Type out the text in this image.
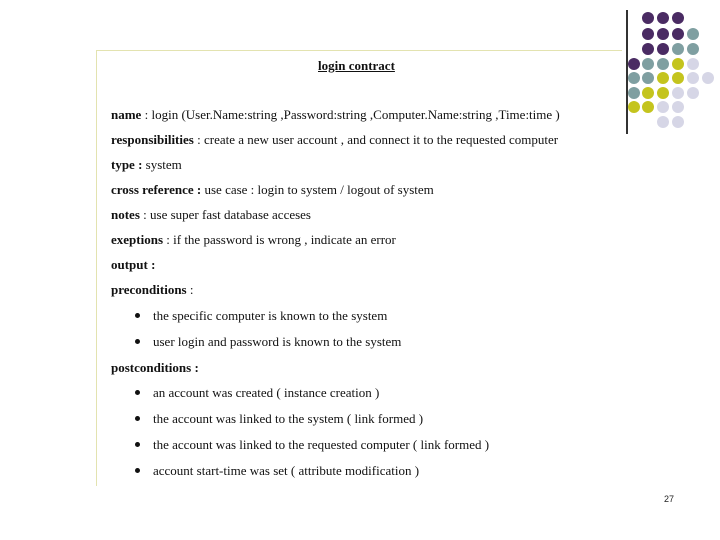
login contract
name : login (User.Name:string ,Password:string ,Computer.Name:string ,Time:time )
responsibilities : create a new user account , and connect it to the requested computer
type : system
cross reference : use case : login to system / logout of system
notes : use super fast database acceses
exeptions : if the password is wrong , indicate an error
output :
preconditions :
the specific computer is known to the system
user login and password is known to the system
postconditions :
an account was created ( instance creation )
the account was linked to the system ( link formed )
the account was linked to the requested computer ( link formed )
account start-time was set ( attribute modification )
27
